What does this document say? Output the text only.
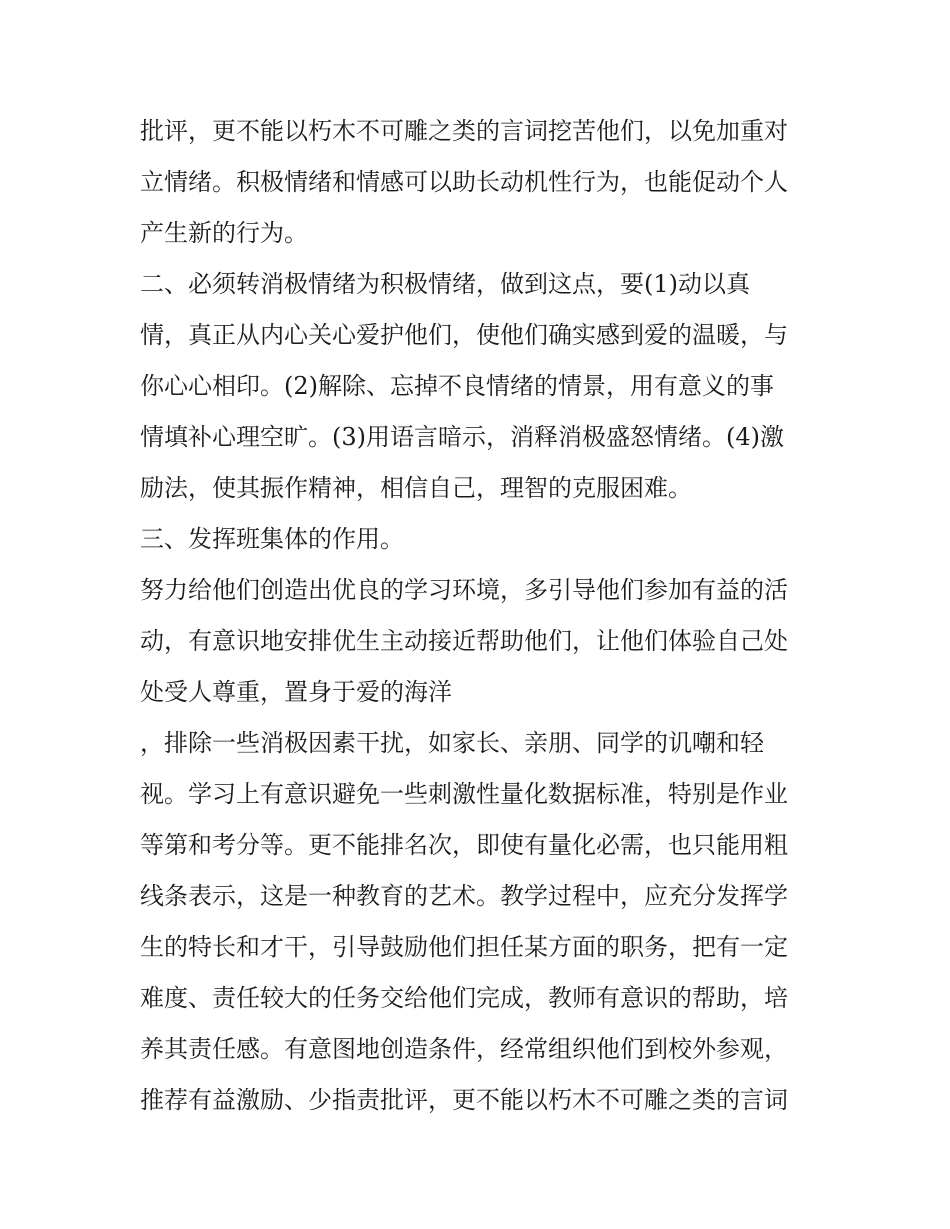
批评，更不能以朽木不可雕之类的言词挖苦他们，以免加重对
立情绪。积极情绪和情感可以助长动机性行为，也能促动个人
产生新的行为。
二、必须转消极情绪为积极情绪，做到这点，要(1)动以真
情，真正从内心关心爱护他们，使他们确实感到爱的温暖，与
你心心相印。(2)解除、忘掉不良情绪的情景，用有意义的事
情填补心理空旷。(3)用语言暗示，消释消极盛怒情绪。(4)激
励法，使其振作精神，相信自己，理智的克服困难。
三、发挥班集体的作用。
努力给他们创造出优良的学习环境，多引导他们参加有益的活
动，有意识地安排优生主动接近帮助他们，让他们体验自己处
处受人尊重，置身于爱的海洋
，排除一些消极因素干扰，如家长、亲朋、同学的讥嘲和轻
视。学习上有意识避免一些刺激性量化数据标准，特别是作业
等第和考分等。更不能排名次，即使有量化必需，也只能用粗
线条表示，这是一种教育的艺术。教学过程中，应充分发挥学
生的特长和才干，引导鼓励他们担任某方面的职务，把有一定
难度、责任较大的任务交给他们完成，教师有意识的帮助，培
养其责任感。有意图地创造条件，经常组织他们到校外参观，
推荐有益激励、少指责批评，更不能以朽木不可雕之类的言词
